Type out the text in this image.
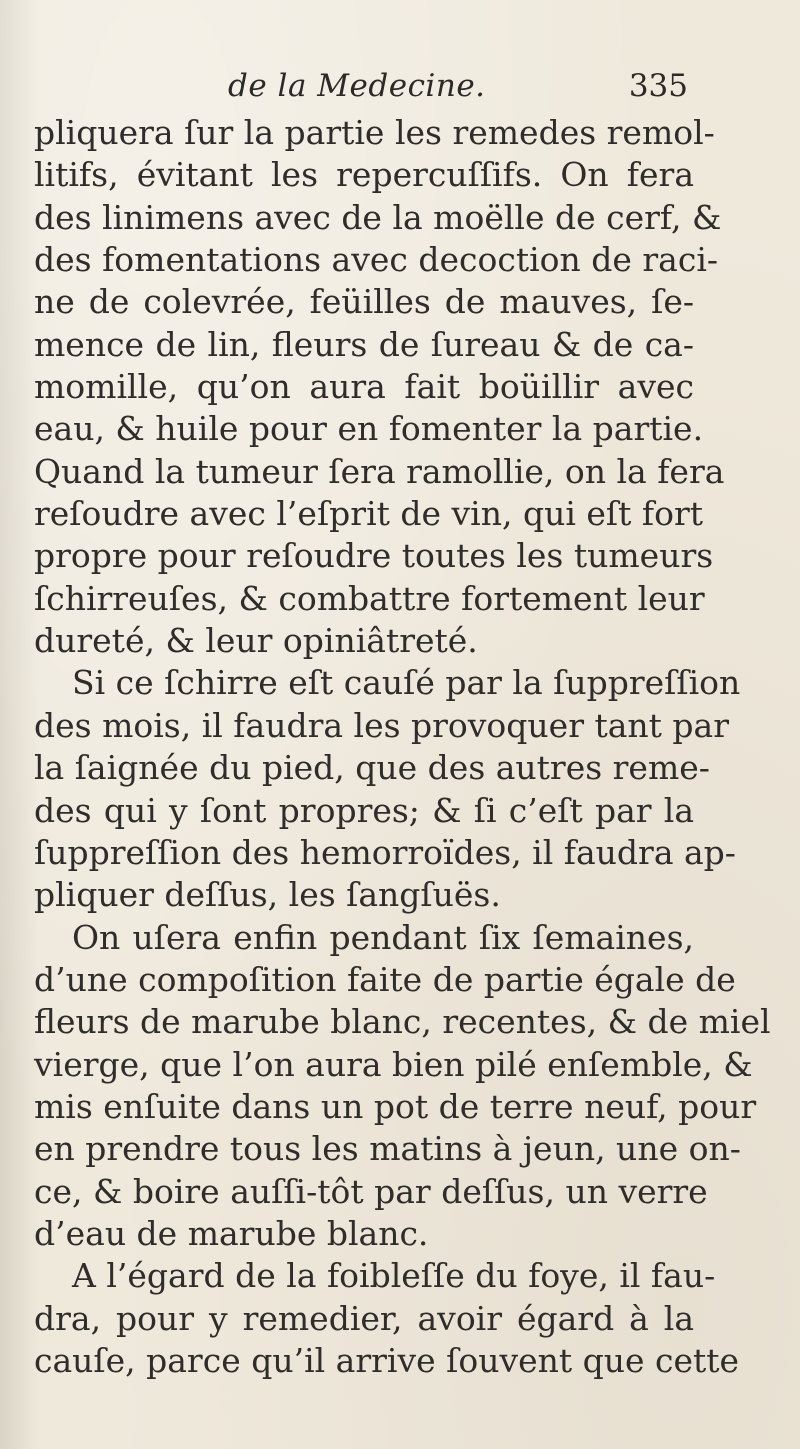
de la Medecine.	335
pliquera ſur la partie les remedes remol-
litifs, évitant les repercuſſifs. On fera
des linimens avec de la moëlle de cerf, &
des fomentations avec decoction de raci-
ne de colevrée, feüilles de mauves, ſe-
mence de lin, fleurs de ſureau & de ca-
momille, qu’on aura fait boüillir avec
eau, & huile pour en fomenter la partie.
Quand la tumeur ſera ramollie, on la fera
reſoudre avec l’eſprit de vin, qui eſt fort
propre pour reſoudre toutes les tumeurs
ſchirreuſes, & combattre fortement leur
dureté, & leur opiniâtreté.
Si ce ſchirre eſt cauſé par la ſuppreſſion
des mois, il faudra les provoquer tant par
la ſaignée du pied, que des autres reme-
des qui y ſont propres; & ſi c’eſt par la
ſuppreſſion des hemorroïdes, il faudra ap-
pliquer deſſus, les ſangſuës.
On uſera enfin pendant ſix ſemaines,
d’une compoſition faite de partie égale de
fleurs de marube blanc, recentes, & de miel
vierge, que l’on aura bien pilé enſemble, &
mis enſuite dans un pot de terre neuf, pour
en prendre tous les matins à jeun, une on-
ce, & boire auſſi-tôt par deſſus, un verre
d’eau de marube blanc.
A l’égard de la foibleſſe du foye, il fau-
dra, pour y remedier, avoir égard à la
cauſe, parce qu’il arrive ſouvent que cette
